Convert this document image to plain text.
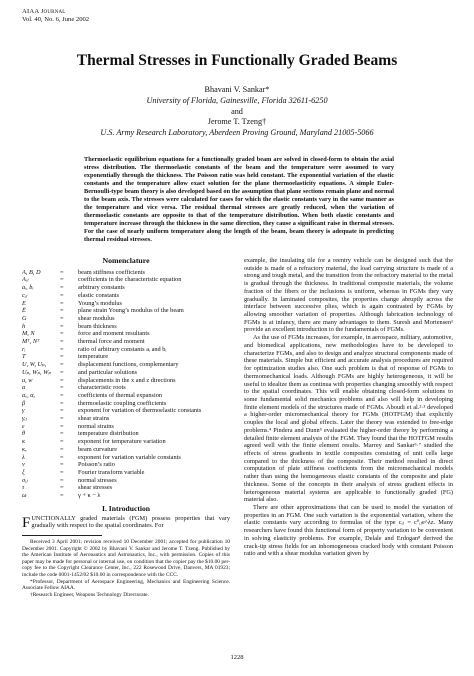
AIAA Journal
Vol. 40, No. 6, June 2002
Thermal Stresses in Functionally Graded Beams
Bhavani V. Sankar*
University of Florida, Gainesville, Florida 32611-6250
and
Jerome T. Tzeng†
U.S. Army Research Laboratory, Aberdeen Proving Ground, Maryland 21005-5066
Thermoelastic equilibrium equations for a functionally graded beam are solved in closed-form to obtain the axial stress distribution. The thermoelastic constants of the beam and the temperature were assumed to vary exponentially through the thickness. The Poisson ratio was held constant. The exponential variation of the elastic constants and the temperature allow exact solution for the plane thermoelasticity equations. A simple Euler-Bernoulli-type beam theory is also developed based on the assumption that plane sections remain plane and normal to the beam axis. The stresses were calculated for cases for which the elastic constants vary in the same manner as the temperature and vice versa. The residual thermal stresses are greatly reduced, when the variation of thermoelastic constants are opposite to that of the temperature distribution. When both elastic constants and temperature increase through the thickness in the same direction, they cause a significant raise in thermal stresses. For the case of nearly uniform temperature along the length of the beam, beam theory is adequate in predicting thermal residual stresses.
Nomenclature
A, B, D	=	beam stiffness coefficients
Aᵢⱼ	=	coefficients in the characteristic equation
aᵢ, bᵢ	=	arbitrary constants
cᵢⱼ	=	elastic constants
E	=	Young’s modulus
Ē	=	plane strain Young’s modulus of the beam
G	=	shear modulus
h	=	beam thickness
M, N	=	force and moment resultants
Mᵀ, Nᵀ	=	thermal force and moment
rᵢ	=	ratio of arbitrary constants aᵢ and bᵢ
T	=	temperature
U, W, Uₚ,	=	displacement functions, complementary
Uₚ, Wₚ, Wₚ	=	and particular solutions
u, w	=	displacements in the x and z directions
α	=	characteristic roots
αₓ, αₓ	=	coefficients of thermal expansion
β	=	thermoelastic coupling coefficients
γ	=	exponent for variation of thermoelastic constants
γᵢⱼ	=	shear strains
ε	=	normal strains
θ	=	temperature distribution
κ	=	exponent for temperature variation
κₓ	=	beam curvature
λ	=	exponent for variation variable constants
ν	=	Poisson’s ratio
ξ	=	Fourier transform variable
σᵢⱼ	=	normal stresses
τ	=	shear stresses
ω	=	γ + κ − λ
I. Introduction
FUNCTIONALLY graded materials (FGM) possess properties that vary gradually with respect to the spatial coordinates. For
Received 3 April 2001; revision received 10 December 2001; accepted for publication 10 December 2001. Copyright © 2002 by Bhavani V. Sankar and Jerome T. Tzeng. Published by the American Institute of Aeronautics and Astronautics, Inc., with permission. Copies of this paper may be made for personal or internal use, on condition that the copier pay the $10.00 per-copy fee to the Copyright Clearance Center, Inc., 222 Rosewood Drive, Danvers, MA 01923; include the code 0001-1452/02 $10.00 in correspondence with the CCC.
*Professor, Department of Aerospace Engineering, Mechanics and Engineering Science. Associate Fellow AIAA.
†Research Engineer, Weapons Technology Directorate.

example, the insulating tile for a reentry vehicle can be designed such that the outside is made of a refractory material, the load carrying structure is made of a strong and tough metal, and the transition from the refractory material to the metal is gradual through the thickness. In traditional composite materials, the volume fraction of the fibers or the inclusions is uniform, whereas in FGMs they vary gradually. In laminated composites, the properties change abruptly across the interface between successive plies, which is again contrasted by FGMs by allowing smoother variation of properties. Although fabrication technology of FGMs is at infancy, there are many advantages to them. Suresh and Mortensen¹ provide an excellent introduction to the fundamentals of FGMs.

As the use of FGMs increases, for example, in aerospace, military, automotive, and biomedical applications, new methodologies have to be developed to characterize FGMs, and also to design and analyze structural components made of these materials. Simple but efficient and accurate analysis procedures are required for optimization studies also. One such problem is that of response of FGMs to thermomechanical loads. Although FGMs are highly heterogeneous, it will be useful to idealize them as continua with properties changing smoothly with respect to the spatial coordinates. This will enable obtaining closed-form solutions to some fundamental solid mechanics problems and also will help in developing finite element models of the structures made of FGMs. Aboudi et al.²·³ developed a higher-order micromechanical theory for FGMs (HOTFGM) that explicitly couples the local and global effects. Later the theory was extended to free-edge problems.⁴ Pindera and Dunn⁵ evaluated the higher-order theory by performing a detailed finite element analysis of the FGM. They found that the HOTFGM results agreed well with the finite element results. Marrey and Sankar⁶·⁷ studied the effects of stress gradients in textile composites consisting of unit cells large compared to the thickness of the composite. Their method resulted in direct computation of plate stiffness coefficients from the micromechanical models rather than using the homogeneous elastic constants of the composite and plate thickness. Some of the concepts in their analysis of stress gradient effects in heterogeneous material systems are applicable to functionally graded (FG) material also.

There are other approximations that can be used to model the variation of properties in an FGM. One such variation is the exponential variation, where the elastic constants vary according to formulas of the type cᵢⱼ = c⁰ᵢⱼe^λz. Many researchers have found this functional form of property variation to be convenient in solving elasticity problems. For example, Delale and Erdogan⁸ derived the crack-tip stress fields for an inhomogeneous cracked body with constant Poisson ratio and with a shear modulus variation given by

1228
